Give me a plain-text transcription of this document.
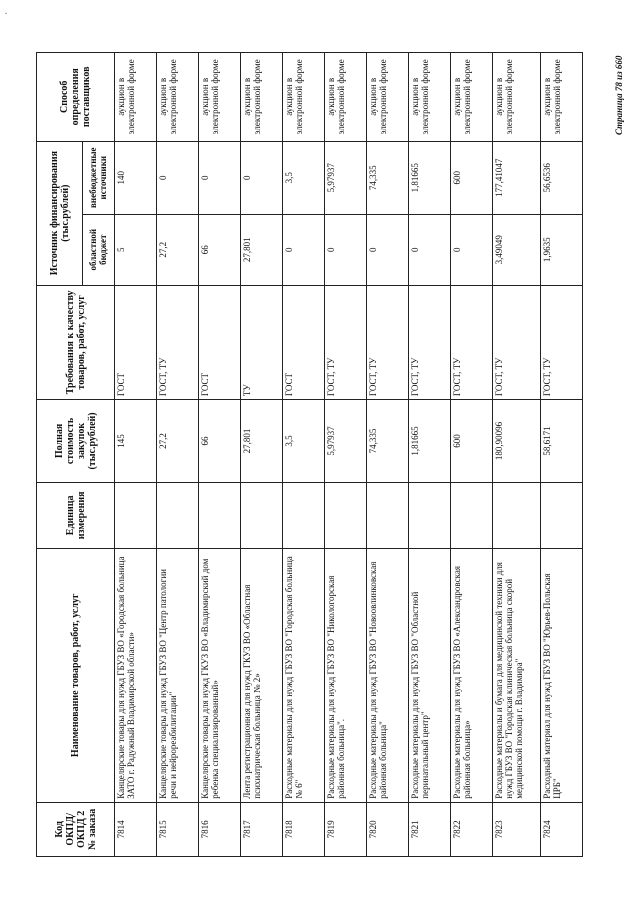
Код ОКПД/ ОКПД 2 № заказа	Наименование товаров, работ, услуг	Единица измерения	Полная стоимость закупок (тыс.рублей)	Требования к качеству товаров, работ, услуг	Источник финансирования (тыс.рублей)		Способ определения поставщиков
					областной бюджет	внебюджетные источники	
7814	Канцелярские товары для нужд ГБУЗ ВО «Городская больница ЗАТО г. Радужный Владимирской области»		145	ГОСТ	5	140	аукцион в электронной форме
7815	Канцелярские товары для нужд ГБУЗ ВО "Центр патологии речи и нейрореабилитации"		27,2	ГОСТ, ТУ	27,2	0	аукцион в электронной форме
7816	Канцелярские товары для нужд ГКУЗ ВО «Владимирский дом ребенка специализированный»		66	ГОСТ	66	0	аукцион в электронной форме
7817	Лента регистрационная для нужд ГКУЗ ВО «Областная психиатрическая больница № 2»		27,801	ТУ	27,801	0	аукцион в электронной форме
7818	Расходные материалы для нужд ГБУЗ ВО "Городская больница № 6"		3,5	ГОСТ	0	3,5	аукцион в электронной форме
7819	Расходные материалы для нужд ГБУЗ ВО "Никологорская районная больница".		5,97937	ГОСТ, ТУ	0	5,97937	аукцион в электронной форме
7820	Расходные материалы для нужд ГБУЗ ВО "Новоовлинковская районная больница"		74,335	ГОСТ, ТУ	0	74,335	аукцион в электронной форме
7821	Расходные материалы для нужд ГБУЗ ВО "Областной перинатальный центр"		1,81665	ГОСТ, ТУ	0	1,81665	аукцион в электронной форме
7822	Расходные материалы для нужд ГБУЗ ВО «Александровская районная больница»		600	ГОСТ, ТУ	0	600	аукцион в электронной форме
7823	Расходные материалы и бумага для медицинской техники для нужд ГБУЗ ВО "Городская клиническая больница скорой медицинской помощи г. Владимира"		180,90096	ГОСТ, ТУ	3,49049	177,41047	аукцион в электронной форме
7824	Расходный материал для нужд ГБУЗ ВО "Юрьев-Польская ЦРБ"		58,6171	ГОСТ, ТУ	1,9635	56,6536	аукцион в электронной форме	Страница 78 из 660
·
